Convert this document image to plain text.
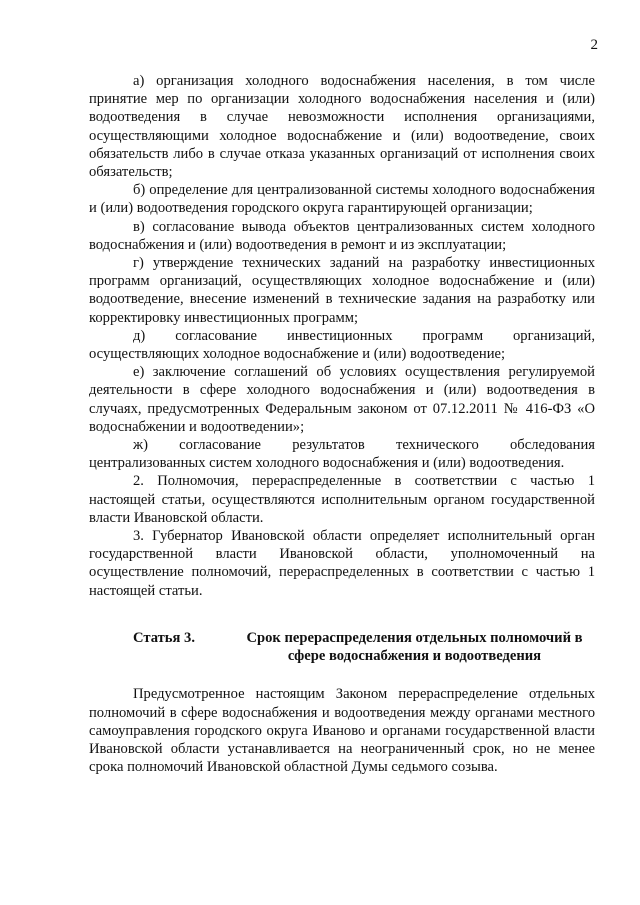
2

а) организация холодного водоснабжения населения, в том числе принятие мер по организации холодного водоснабжения населения и (или) водоотведения в случае невозможности исполнения организациями, осуществляющими холодное водоснабжение и (или) водоотведение, своих обязательств либо в случае отказа указанных организаций от исполнения своих обязательств;

б) определение для централизованной системы холодного водоснабжения и (или) водоотведения городского округа гарантирующей организации;

в) согласование вывода объектов централизованных систем холодного водоснабжения и (или) водоотведения в ремонт и из эксплуатации;

г) утверждение технических заданий на разработку инвестиционных программ организаций, осуществляющих холодное водоснабжение и (или) водоотведение, внесение изменений в технические задания на разработку или корректировку инвестиционных программ;

д) согласование инвестиционных программ организаций, осуществляющих холодное водоснабжение и (или) водоотведение;

е) заключение соглашений об условиях осуществления регулируемой деятельности в сфере холодного водоснабжения и (или) водоотведения в случаях, предусмотренных Федеральным законом от 07.12.2011 № 416-ФЗ «О водоснабжении и водоотведении»;

ж) согласование результатов технического обследования централизованных систем холодного водоснабжения и (или) водоотведения.

2. Полномочия, перераспределенные в соответствии с частью 1 настоящей статьи, осуществляются исполнительным органом государственной власти Ивановской области.

3. Губернатор Ивановской области определяет исполнительный орган государственной власти Ивановской области, уполномоченный на осуществление полномочий, перераспределенных в соответствии с частью 1 настоящей статьи.

Статья 3.	Срок перераспределения отдельных полномочий в сфере водоснабжения и водоотведения

Предусмотренное настоящим Законом перераспределение отдельных полномочий в сфере водоснабжения и водоотведения между органами местного самоуправления городского округа Иваново и органами государственной власти Ивановской области устанавливается на неограниченный срок, но не менее срока полномочий Ивановской областной Думы седьмого созыва.
